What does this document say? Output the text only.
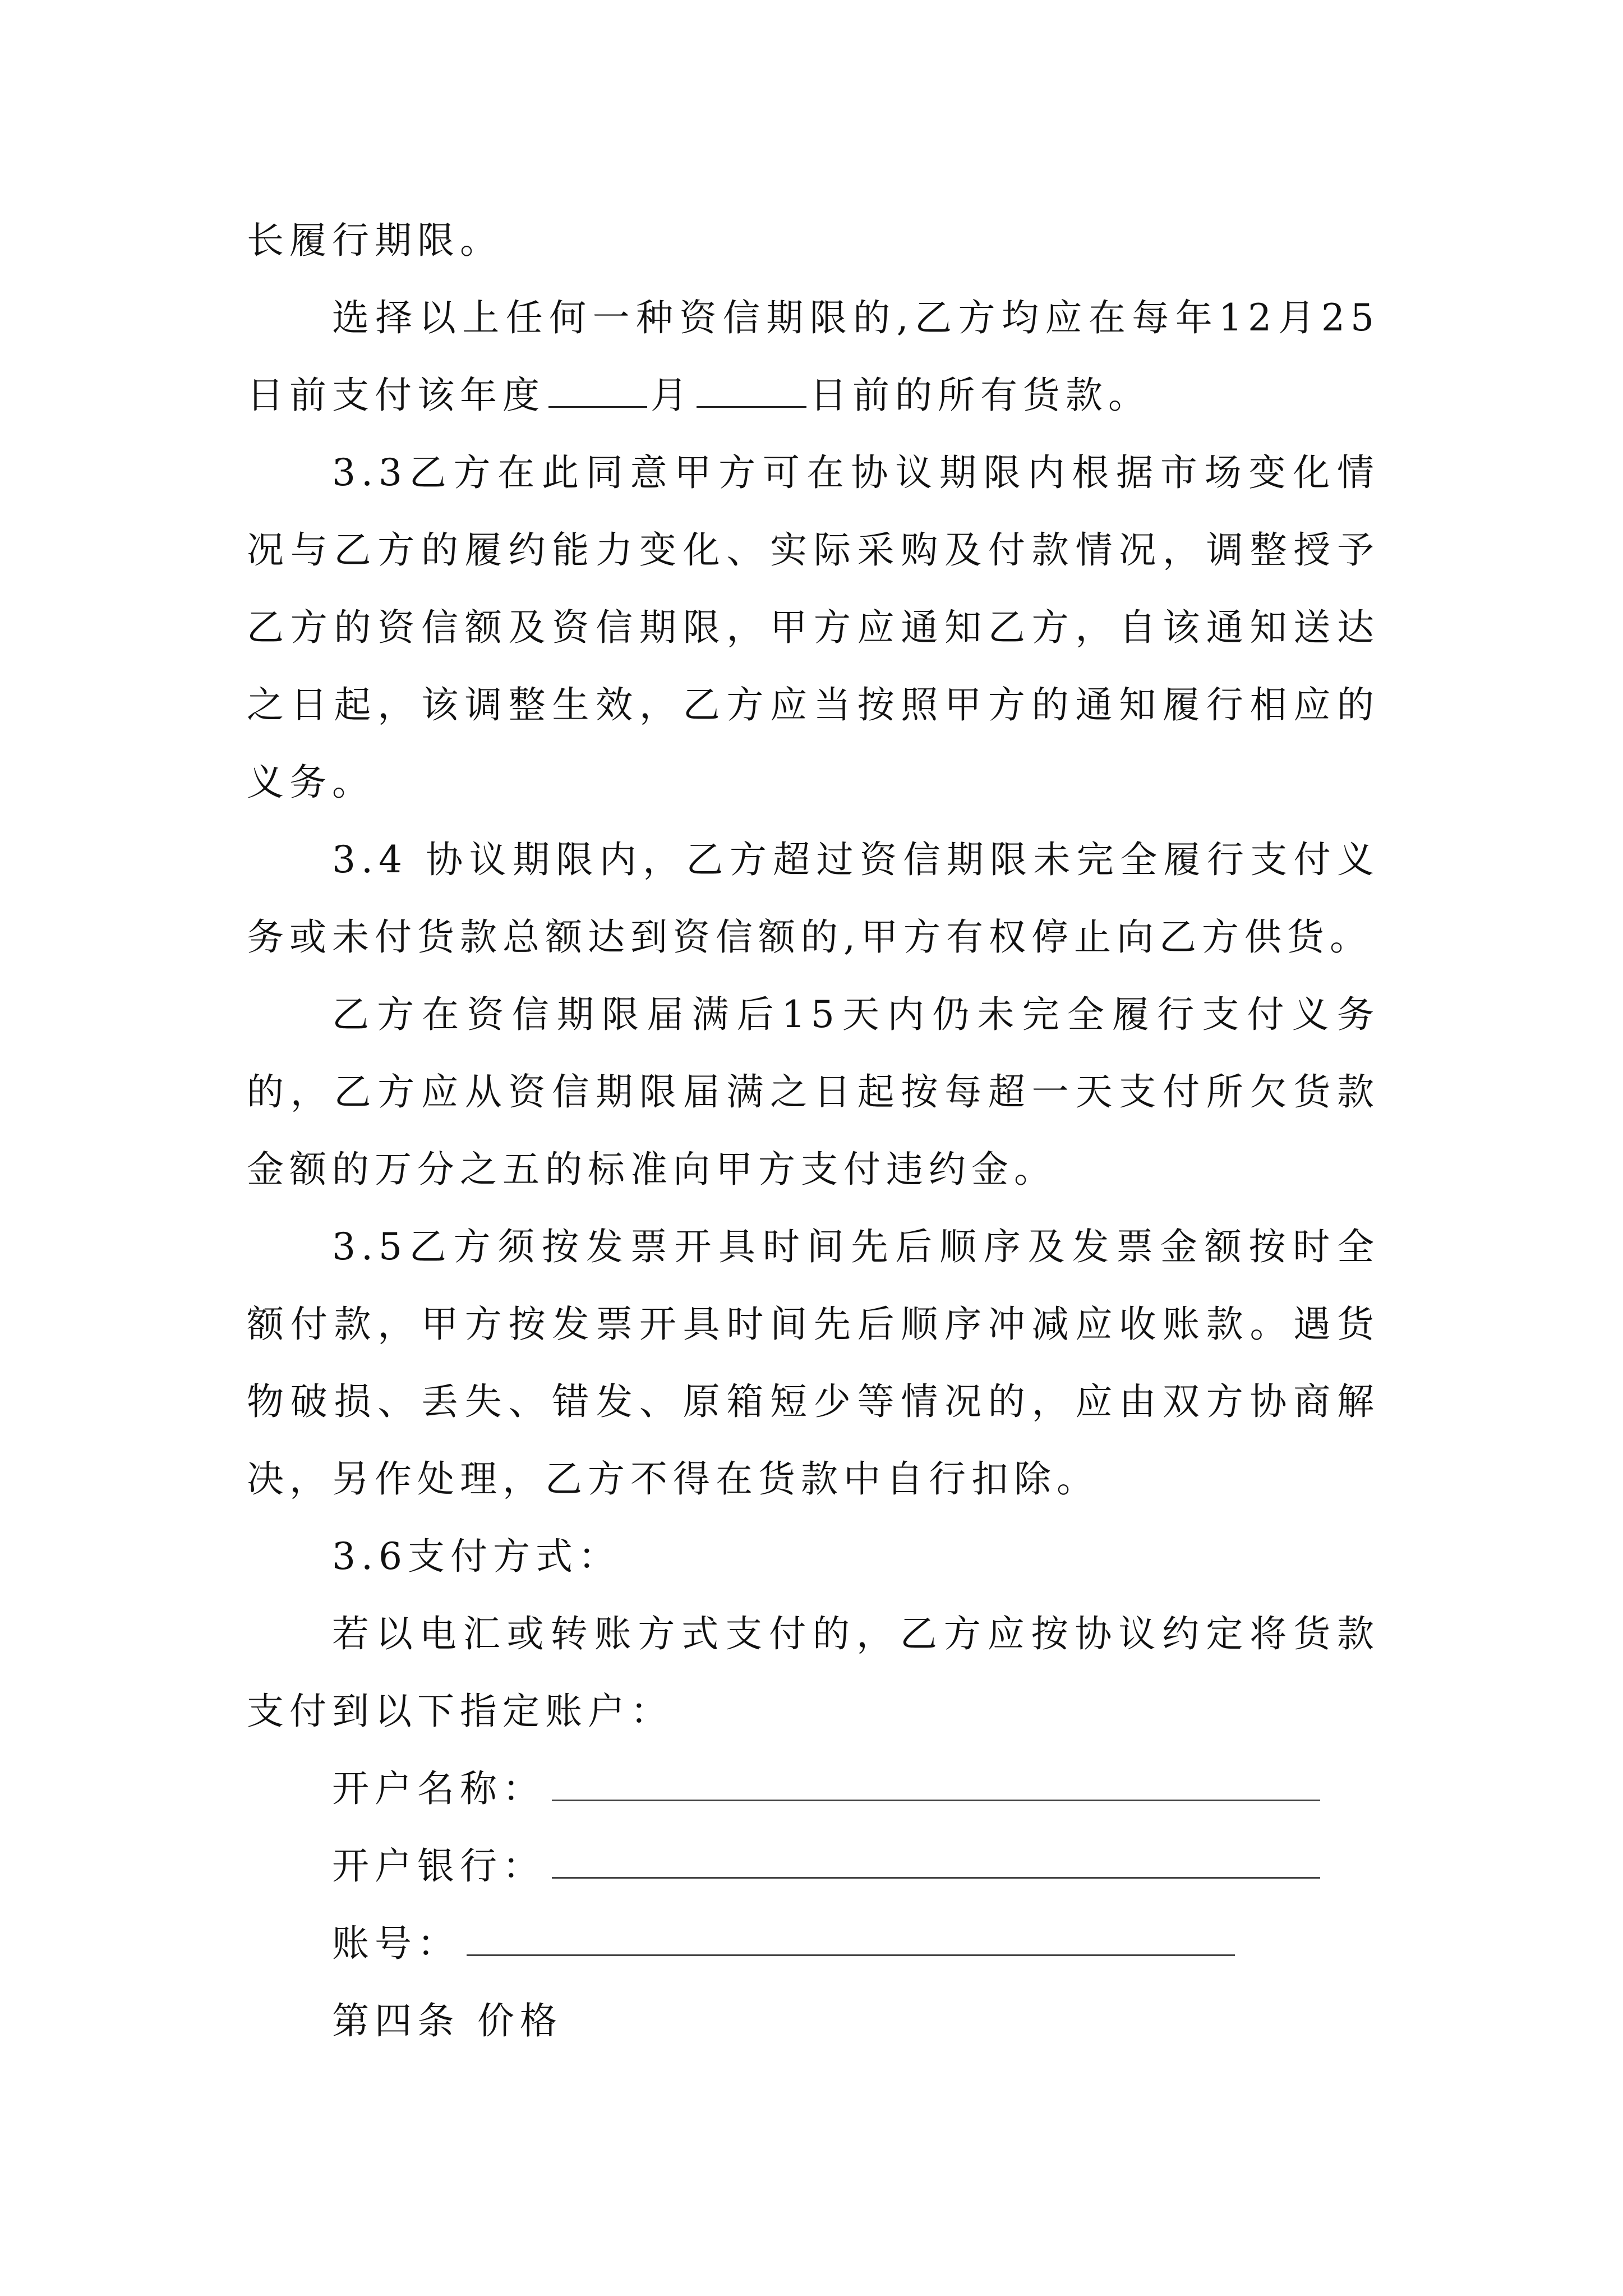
长履行期限。

选择以上任何一种资信期限的,乙方均应在每年12月25日前支付该年度	月	日前的所有货款。

3.3乙方在此同意甲方可在协议期限内根据市场变化情况与乙方的履约能力变化、实际采购及付款情况，调整授予乙方的资信额及资信期限，甲方应通知乙方，自该通知送达之日起，该调整生效，乙方应当按照甲方的通知履行相应的义务。

3.4 协议期限内，乙方超过资信期限未完全履行支付义务或未付货款总额达到资信额的,甲方有权停止向乙方供货。

乙方在资信期限届满后15天内仍未完全履行支付义务的，乙方应从资信期限届满之日起按每超一天支付所欠货款金额的万分之五的标准向甲方支付违约金。

3.5乙方须按发票开具时间先后顺序及发票金额按时全额付款，甲方按发票开具时间先后顺序冲减应收账款。遇货物破损、丢失、错发、原箱短少等情况的，应由双方协商解决，另作处理，乙方不得在货款中自行扣除。

3.6支付方式：

若以电汇或转账方式支付的，乙方应按协议约定将货款支付到以下指定账户：

开户名称：

开户银行：

账号：

第四条 价格
